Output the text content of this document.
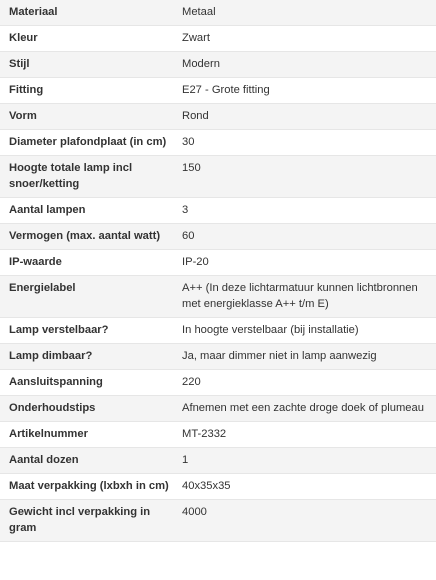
Materiaal	Metaal
Kleur	Zwart
Stijl	Modern
Fitting	E27 - Grote fitting
Vorm	Rond
Diameter plafondplaat (in cm)	30
Hoogte totale lamp incl snoer/ketting	150
Aantal lampen	3
Vermogen (max. aantal watt)	60
IP-waarde	IP-20
Energielabel	A++ (In deze lichtarmatuur kunnen lichtbronnen met energieklasse A++ t/m E)
Lamp verstelbaar?	In hoogte verstelbaar (bij installatie)
Lamp dimbaar?	Ja, maar dimmer niet in lamp aanwezig
Aansluitspanning	220
Onderhoudstips	Afnemen met een zachte droge doek of plumeau
Artikelnummer	MT-2332
Aantal dozen	1
Maat verpakking (lxbxh in cm)	40x35x35
Gewicht incl verpakking in gram	4000
